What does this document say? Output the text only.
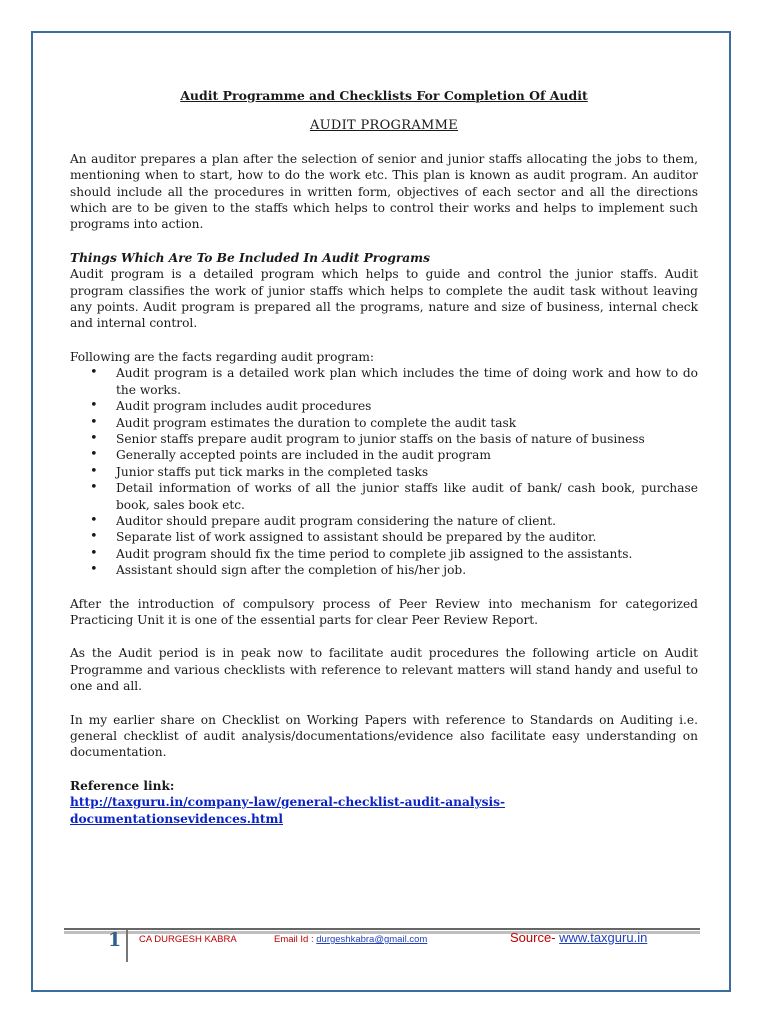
Audit Programme and Checklists For Completion Of Audit
AUDIT PROGRAMME

An auditor prepares a plan after the selection of senior and junior staffs allocating the jobs to them, mentioning when to start, how to do the work etc. This plan is known as audit program. An auditor should include all the procedures in written form, objectives of each sector and all the directions which are to be given to the staffs which helps to control their works and helps to implement such programs into action.

Things Which Are To Be Included In Audit Programs

Audit program is a detailed program which helps to guide and control the junior staffs. Audit program classifies the work of junior staffs which helps to complete the audit task without leaving any points. Audit program is prepared all the programs, nature and size of business, internal check and internal control.

Following are the facts regarding audit program:

• Audit program is a detailed work plan which includes the time of doing work and how to do the works.
• Audit program includes audit procedures
• Audit program estimates the duration to complete the audit task
• Senior staffs prepare audit program to junior staffs on the basis of nature of business
• Generally accepted points are included in the audit program
• Junior staffs put tick marks in the completed tasks
• Detail information of works of all the junior staffs like audit of bank/ cash book, purchase book, sales book etc.
• Auditor should prepare audit program considering the nature of client.
• Separate list of work assigned to assistant should be prepared by the auditor.
• Audit program should fix the time period to complete jib assigned to the assistants.
• Assistant should sign after the completion of his/her job.

After the introduction of compulsory process of Peer Review into mechanism for categorized Practicing Unit it is one of the essential parts for clear Peer Review Report.

As the Audit period is in peak now to facilitate audit procedures the following article on Audit Programme and various checklists with reference to relevant matters will stand handy and useful to one and all.

In my earlier share on Checklist on Working Papers with reference to Standards on Auditing i.e. general checklist of audit analysis/documentations/evidence also facilitate easy understanding on documentation.

Reference link:

http://taxguru.in/company-law/general-checklist-audit-analysis-documentationsevidences.html

1 CA DURGESH KABRA	Email Id : durgeshkabra@gmail.com	Source- www.taxguru.in
